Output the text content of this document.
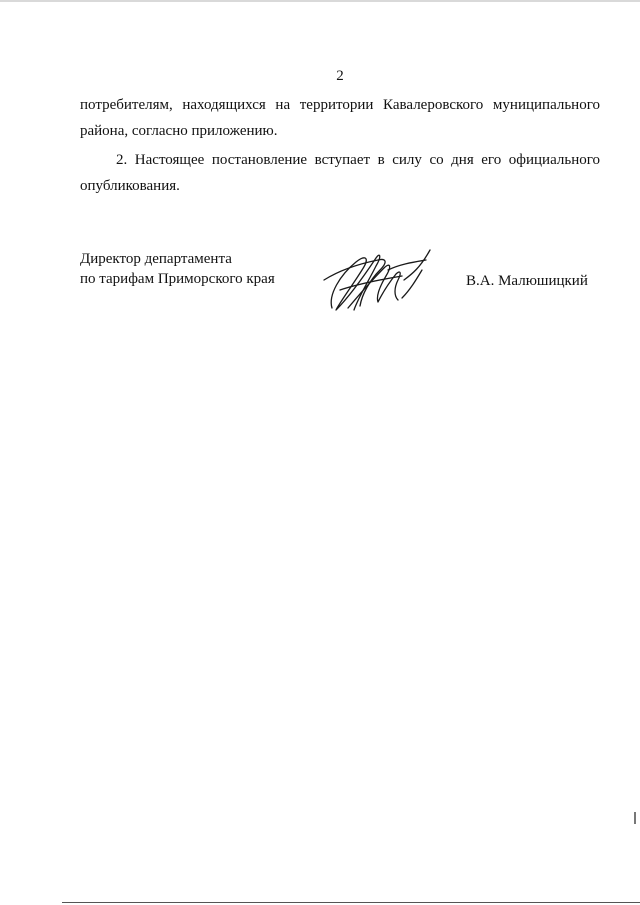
2

потребителям, находящихся на территории Кавалеровского муниципального
района, согласно приложению.

2. Настоящее постановление вступает в силу со дня его официального
опубликования.

Директор департамента
по тарифам Приморского края	В.А. Малюшицкий
